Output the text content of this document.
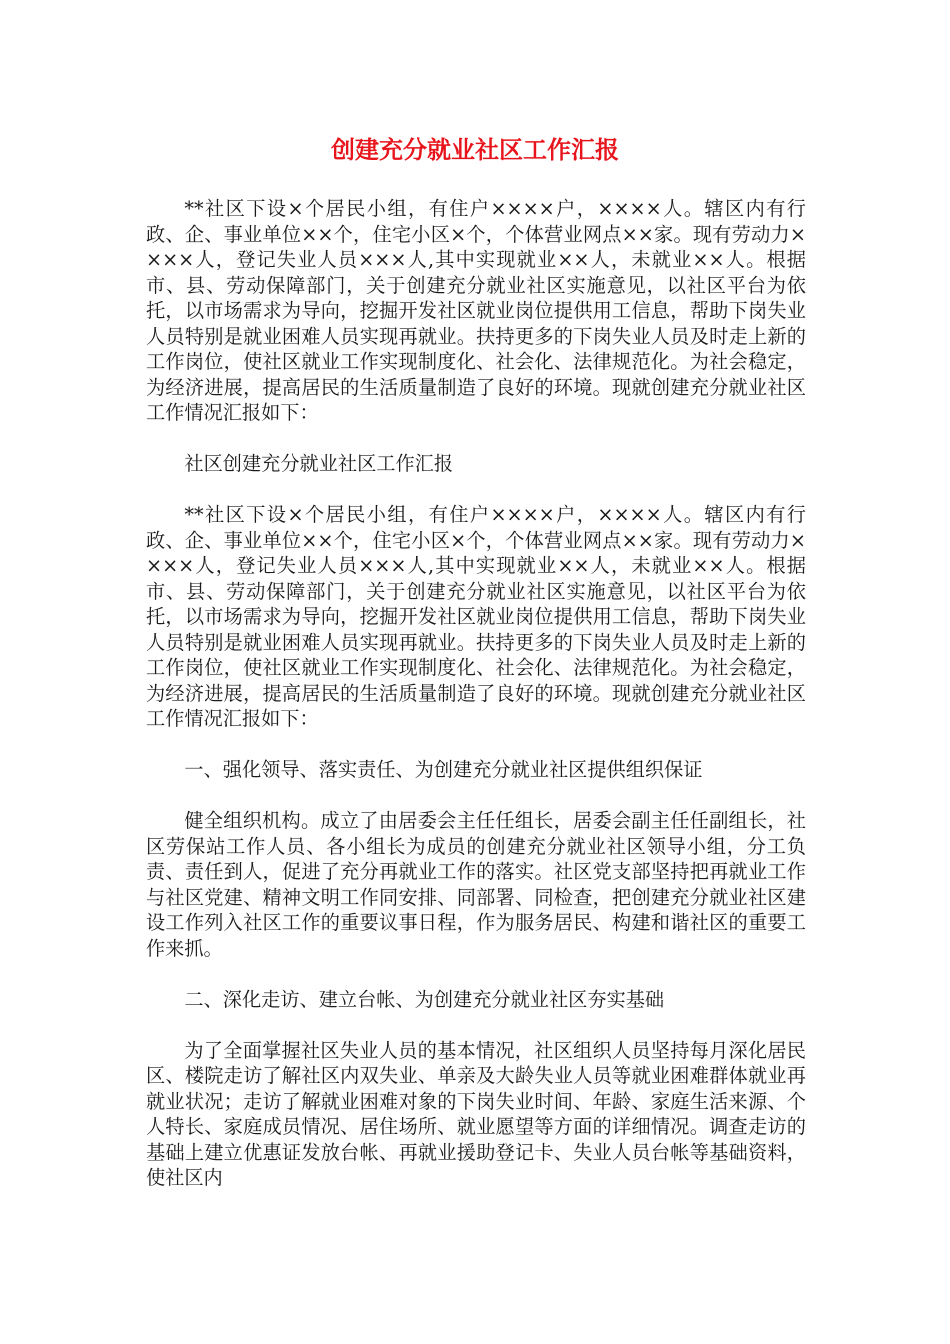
创建充分就业社区工作汇报

**社区下设×个居民小组，有住户××××户，××××人。辖区内有行政、企、事业单位××个，住宅小区×个，个体营业网点××家。现有劳动力××××人，登记失业人员×××人,其中实现就业××人，未就业××人。根据市、县、劳动保障部门，关于创建充分就业社区实施意见，以社区平台为依托，以市场需求为导向，挖掘开发社区就业岗位提供用工信息，帮助下岗失业人员特别是就业困难人员实现再就业。扶持更多的下岗失业人员及时走上新的工作岗位，使社区就业工作实现制度化、社会化、法律规范化。为社会稳定，为经济进展，提高居民的生活质量制造了良好的环境。现就创建充分就业社区工作情况汇报如下：

社区创建充分就业社区工作汇报

**社区下设×个居民小组，有住户××××户，××××人。辖区内有行政、企、事业单位××个，住宅小区×个，个体营业网点××家。现有劳动力××××人，登记失业人员×××人,其中实现就业××人，未就业××人。根据市、县、劳动保障部门，关于创建充分就业社区实施意见，以社区平台为依托，以市场需求为导向，挖掘开发社区就业岗位提供用工信息，帮助下岗失业人员特别是就业困难人员实现再就业。扶持更多的下岗失业人员及时走上新的工作岗位，使社区就业工作实现制度化、社会化、法律规范化。为社会稳定，为经济进展，提高居民的生活质量制造了良好的环境。现就创建充分就业社区工作情况汇报如下：

一、强化领导、落实责任、为创建充分就业社区提供组织保证

健全组织机构。成立了由居委会主任任组长，居委会副主任任副组长，社区劳保站工作人员、各小组长为成员的创建充分就业社区领导小组，分工负责、责任到人，促进了充分再就业工作的落实。社区党支部坚持把再就业工作与社区党建、精神文明工作同安排、同部署、同检查，把创建充分就业社区建设工作列入社区工作的重要议事日程，作为服务居民、构建和谐社区的重要工作来抓。

二、深化走访、建立台帐、为创建充分就业社区夯实基础

为了全面掌握社区失业人员的基本情况，社区组织人员坚持每月深化居民区、楼院走访了解社区内双失业、单亲及大龄失业人员等就业困难群体就业再就业状况；走访了解就业困难对象的下岗失业时间、年龄、家庭生活来源、个人特长、家庭成员情况、居住场所、就业愿望等方面的详细情况。调查走访的基础上建立优惠证发放台帐、再就业援助登记卡、失业人员台帐等基础资料，使社区内
